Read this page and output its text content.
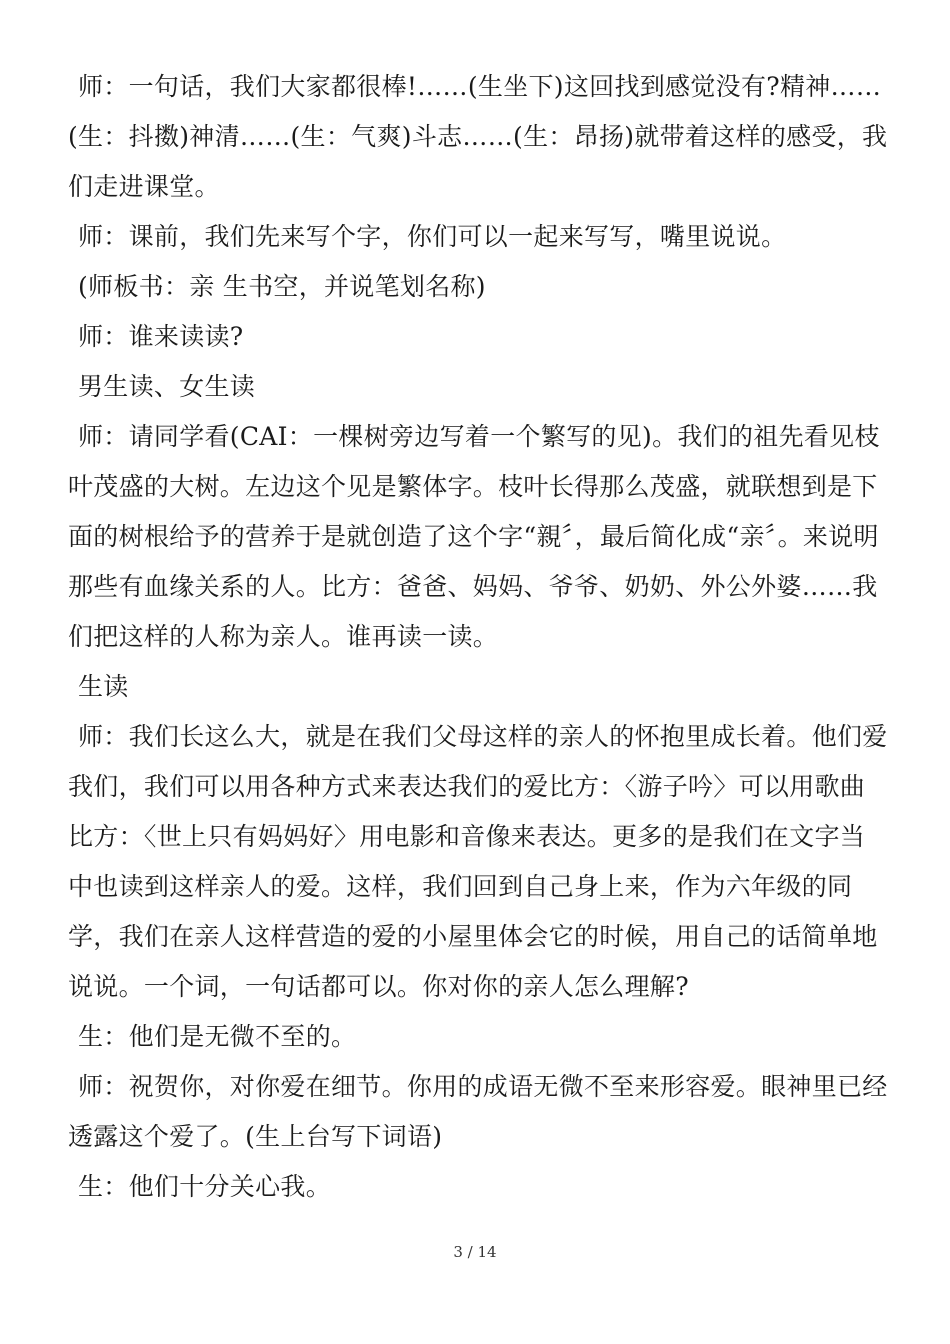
师：一句话，我们大家都很棒!……(生坐下)这回找到感觉没有?精神……(生：抖擞)神清……(生：气爽)斗志……(生：昂扬)就带着这样的感受，我们走进课堂。

师：课前，我们先来写个字，你们可以一起来写写，嘴里说说。

(师板书：亲 生书空，并说笔划名称)

师：谁来读读?

男生读、女生读

师：请同学看(CAI：一棵树旁边写着一个繁写的见)。我们的祖先看见枝叶茂盛的大树。左边这个见是繁体字。枝叶长得那么茂盛，就联想到是下面的树根给予的营养于是就创造了这个字“親〞，最后简化成“亲〞。来说明那些有血缘关系的人。比方：爸爸、妈妈、爷爷、奶奶、外公外婆……我们把这样的人称为亲人。谁再读一读。

生读

师：我们长这么大，就是在我们父母这样的亲人的怀抱里成长着。他们爱我们，我们可以用各种方式来表达我们的爱比方：〈游子吟〉可以用歌曲比方：〈世上只有妈妈好〉用电影和音像来表达。更多的是我们在文字当中也读到这样亲人的爱。这样，我们回到自己身上来，作为六年级的同学，我们在亲人这样营造的爱的小屋里体会它的时候，用自己的话简单地说说。一个词，一句话都可以。你对你的亲人怎么理解?

生：他们是无微不至的。

师：祝贺你，对你爱在细节。你用的成语无微不至来形容爱。眼神里已经透露这个爱了。(生上台写下词语)

生：他们十分关心我。

3 / 14
